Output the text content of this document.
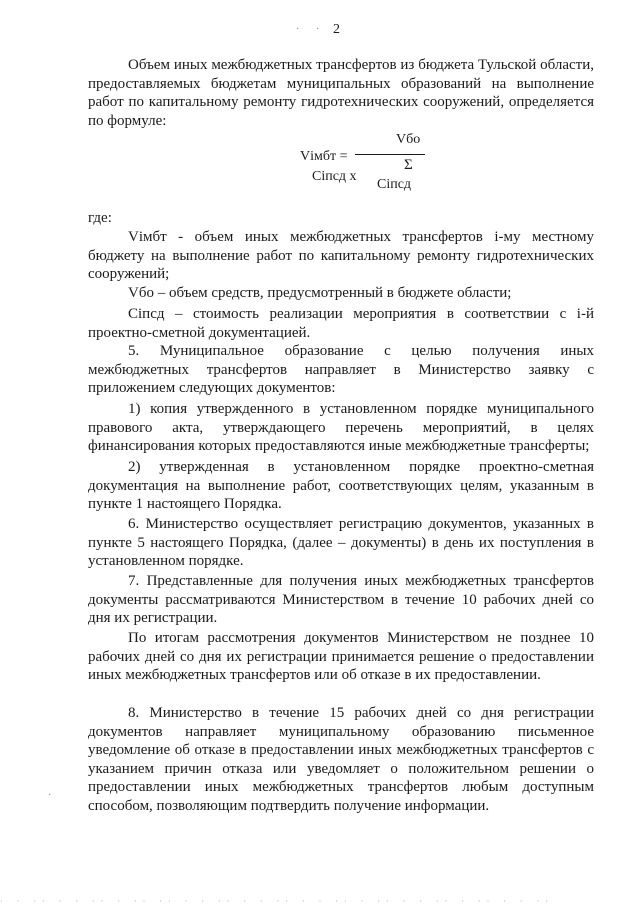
· ·
·
2
Объем иных межбюджетных трансфертов из бюджета Тульской области, предоставляемых бюджетам муниципальных образований на выполнение работ по капитальному ремонту гидротехнических сооружений, определяется по формуле:
Vбо
Vімбт =
Σ
Сіпсд х
Сіпсд
где:
Vімбт - объем иных межбюджетных трансфертов і-му местному бюджету на выполнение работ по капитальному ремонту гидротехнических сооружений;
Vбо – объем средств, предусмотренный в бюджете области;
Сіпсд – стоимость реализации мероприятия в соответствии с і-й проектно-сметной документацией.
5. Муниципальное образование с целью получения иных межбюджетных трансфертов направляет в Министерство заявку с приложением следующих документов:
1) копия утвержденного в установленном порядке муниципального правового акта, утверждающего перечень мероприятий, в целях финансирования которых предоставляются иные межбюджетные трансферты;
2) утвержденная в установленном порядке проектно-сметная документация на выполнение работ, соответствующих целям, указанным в пункте 1 настоящего Порядка.
6. Министерство осуществляет регистрацию документов, указанных в пункте 5 настоящего Порядка, (далее – документы) в день их поступления в установленном порядке.
7. Представленные для получения иных межбюджетных трансфертов документы рассматриваются Министерством в течение 10 рабочих дней со дня их регистрации.
По итогам рассмотрения документов Министерством не позднее 10 рабочих дней со дня их регистрации принимается решение о предоставлении иных межбюджетных трансфертов или об отказе в их предоставлении.
8. Министерство в течение 15 рабочих дней со дня регистрации документов направляет муниципальному образованию письменное уведомление об отказе в предоставлении иных межбюджетных трансфертов с указанием причин отказа или уведомляет о положительном решении о предоставлении иных межбюджетных трансфертов любым доступным способом, позволяющим подтвердить получение информации.
· · ·· · · ·· · ·· ·· · · ·· · · ·· · · ·· · ·· · · ·· · ·· · · ··
